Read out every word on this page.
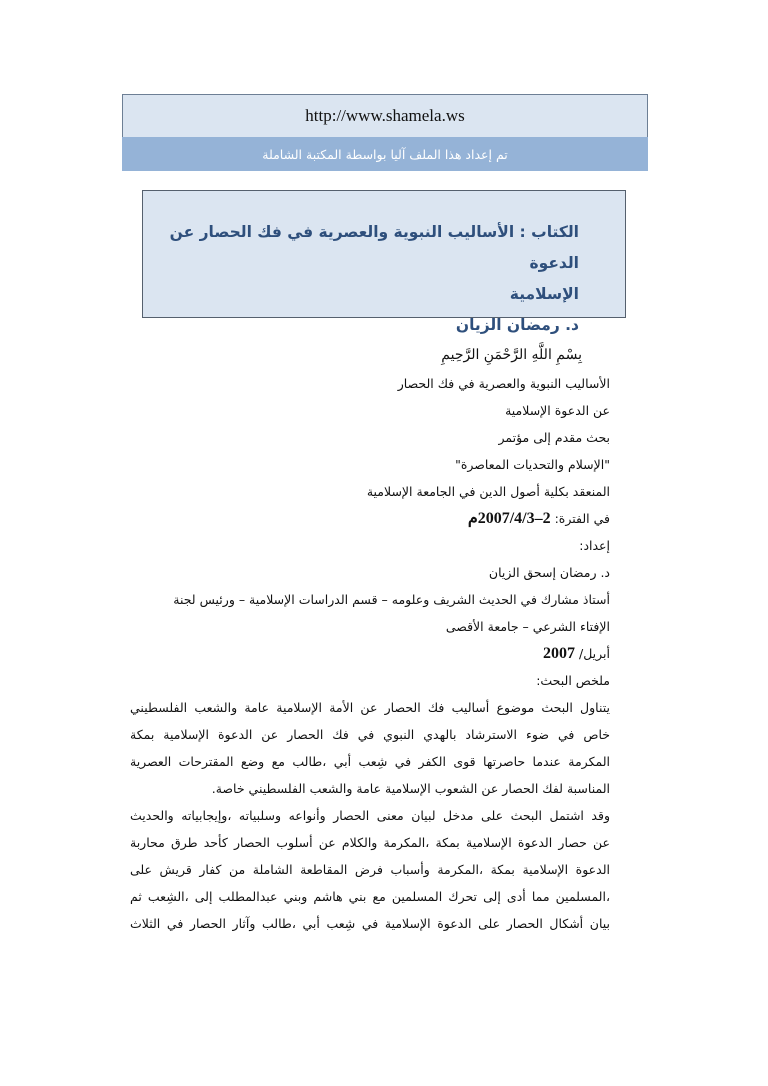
http://www.shamela.ws
تم إعداد هذا الملف آليا بواسطة المكتبة الشاملة
الكتاب : الأساليب النبوية والعصرية في فك الحصار عن الدعوة
الإسلامية
د. رمضان الزيان

بِسْمِ اللَّهِ الرَّحْمَنِ الرَّحِيمِ

الأساليب النبوية والعصرية في فك الحصار

عن الدعوة الإسلامية

بحث مقدم إلى مؤتمر

"الإسلام والتحديات المعاصرة"

المنعقد بكلية أصول الدين في الجامعة الإسلامية

في الفترة: 2–2007/4/3م

إعداد:

د. رمضان إسحق الزيان

أستاذ مشارك في الحديث الشريف وعلومه – قسم الدراسات الإسلامية – ورئيس لجنة

الإفتاء الشرعي – جامعة الأقصى

أبريل/ 2007

ملخص البحث:

يتناول البحث موضوع أساليب فك الحصار عن الأمة الإسلامية عامة والشعب الفلسطيني

خاص في ضوء الاسترشاد بالهدي النبوي في فك الحصار عن الدعوة الإسلامية بمكة

المكرمة عندما حاصرتها قوى الكفر في شِعب أبي ،طالب مع وضع المقترحات العصرية

المناسبة لفك الحصار عن الشعوب الإسلامية عامة والشعب الفلسطيني خاصة.

وقد اشتمل البحث على مدخل لبيان معنى الحصار وأنواعه وسلبياته ،وإيجابياته والحديث

عن حصار الدعوة الإسلامية بمكة ،المكرمة والكلام عن أسلوب الحصار كأحد طرق محاربة

الدعوة الإسلامية بمكة ،المكرمة وأسباب فرض المقاطعة الشاملة من كفار قريش على

،المسلمين مما أدى إلى تحرك المسلمين مع بني هاشم وبني عبدالمطلب إلى ،الشِعب ثم

بيان أشكال الحصار على الدعوة الإسلامية في شِعب أبي ،طالب وآثار الحصار في الثلاث
